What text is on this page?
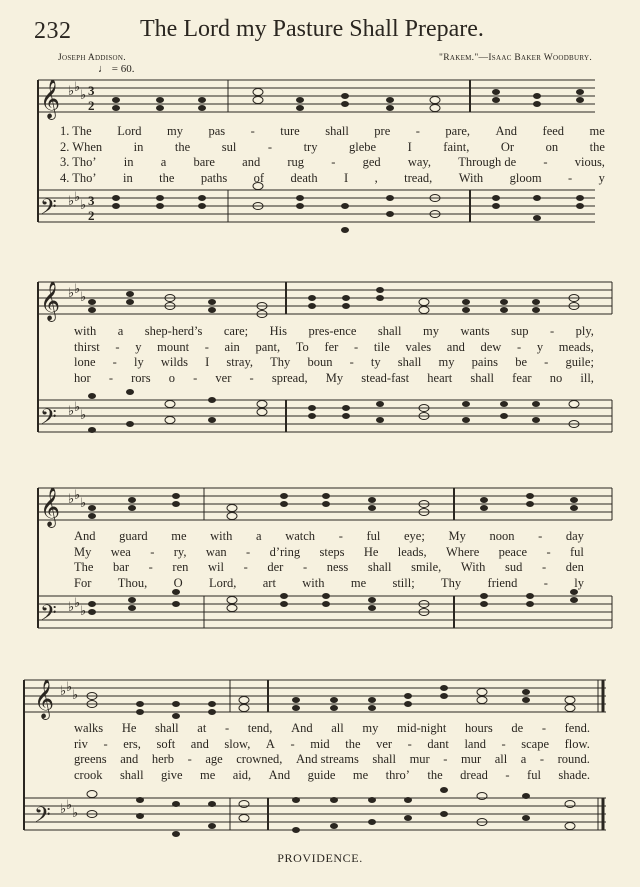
232	The Lord my Pasture Shall Prepare.
Joseph Addison.	"Rakem."—Isaac Baker Woodbury.
♩ = 60.
𝄞
𝄢
♭ ♭
♭
♭ ♭
♭
3
2
3
2
1. The Lord my pas - ture shall pre - pare, And feed me
2. When	in	the	sul	-	try	glebe	I	faint,	Or	on	the
3. Tho’ in a bare and rug - ged way, Through de - vious,
4. Tho’ in the paths of death I , tread, With gloom - y
𝄞
𝄢
♭ ♭
♭
♭ ♭
♭
with a shep-herd’s care; His pres-ence shall my wants sup - ply,
thirst - y mount - ain pant, To fer - tile vales and dew - y meads,
lone - ly wilds I stray, Thy boun - ty shall my pains be - guile;
hor - rors o - ver - spread, My stead-fast heart shall fear no ill,
𝄞
𝄢
♭ ♭
♭
♭ ♭
♭
And guard me with a watch - ful eye; My noon - day
My wea - ry, wan - d’ring steps He leads, Where peace - ful
The bar - ren wil - der - ness shall smile, With sud - den
For Thou, O Lord, art with me still; Thy friend - ly
𝄞
𝄢
♭ ♭
♭
♭ ♭
♭
walks He shall at - tend, And all my mid-night hours de - fend.
riv - ers, soft and slow, A - mid the ver - dant land - scape flow.
greens and herb - age crowned, And streams shall mur - mur all a - round.
crook shall give me aid, And guide me thro’ the dread - ful shade.
PROVIDENCE.
